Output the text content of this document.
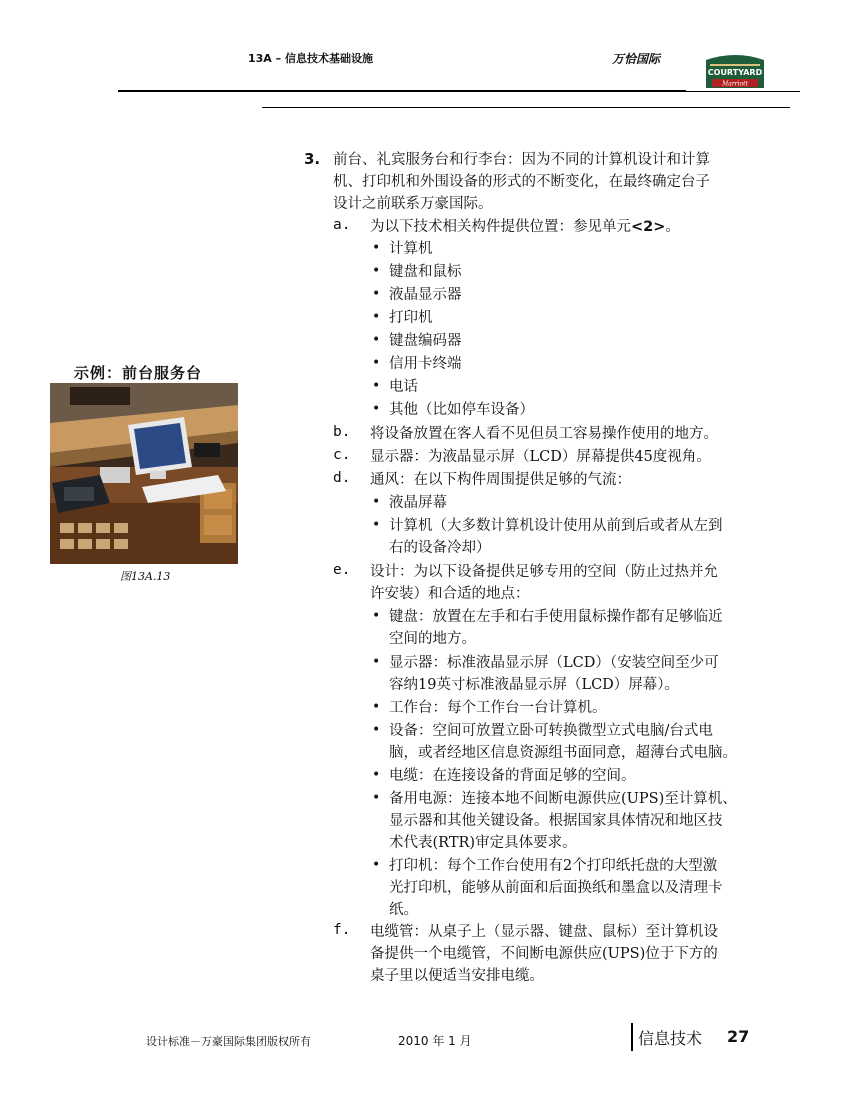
13A – 信息技术基础设施	万恰国际
COURTYARD
Marriott
示例：前台服务台
图13A.13
3. 前台、礼宾服务台和行李台：因为不同的计算机设计和计算
机、打印机和外围设备的形式的不断变化，在最终确定台子
设计之前联系万豪国际。
a. 为以下技术相关构件提供位置：参见单元<2>。
• 计算机
• 键盘和鼠标
• 液晶显示器
• 打印机
• 键盘编码器
• 信用卡终端
• 电话
• 其他（比如停车设备）
b. 将设备放置在客人看不见但员工容易操作使用的地方。
c. 显示器：为液晶显示屏（LCD）屏幕提供45度视角。
d. 通风：在以下构件周围提供足够的气流：
• 液晶屏幕
• 计算机（大多数计算机设计使用从前到后或者从左到
右的设备冷却）
e. 设计：为以下设备提供足够专用的空间（防止过热并允
许安装）和合适的地点：
• 键盘：放置在左手和右手使用鼠标操作都有足够临近
空间的地方。
• 显示器：标准液晶显示屏（LCD）（安装空间至少可
容纳19英寸标准液晶显示屏（LCD）屏幕）。
• 工作台：每个工作台一台计算机。
• 设备：空间可放置立卧可转换微型立式电脑/台式电
脑，或者经地区信息资源组书面同意，超薄台式电脑。
• 电缆：在连接设备的背面足够的空间。
• 备用电源：连接本地不间断电源供应(UPS)至计算机、
显示器和其他关键设备。根据国家具体情况和地区技
术代表(RTR)审定具体要求。
• 打印机：每个工作台使用有2个打印纸托盘的大型激
光打印机，能够从前面和后面换纸和墨盒以及清理卡
纸。
f. 电缆管：从桌子上（显示器、键盘、鼠标）至计算机设
备提供一个电缆管，不间断电源供应(UPS)位于下方的
桌子里以便适当安排电缆。
设计标准－万豪国际集团版权所有	2010 年 1 月	信息技术 27
